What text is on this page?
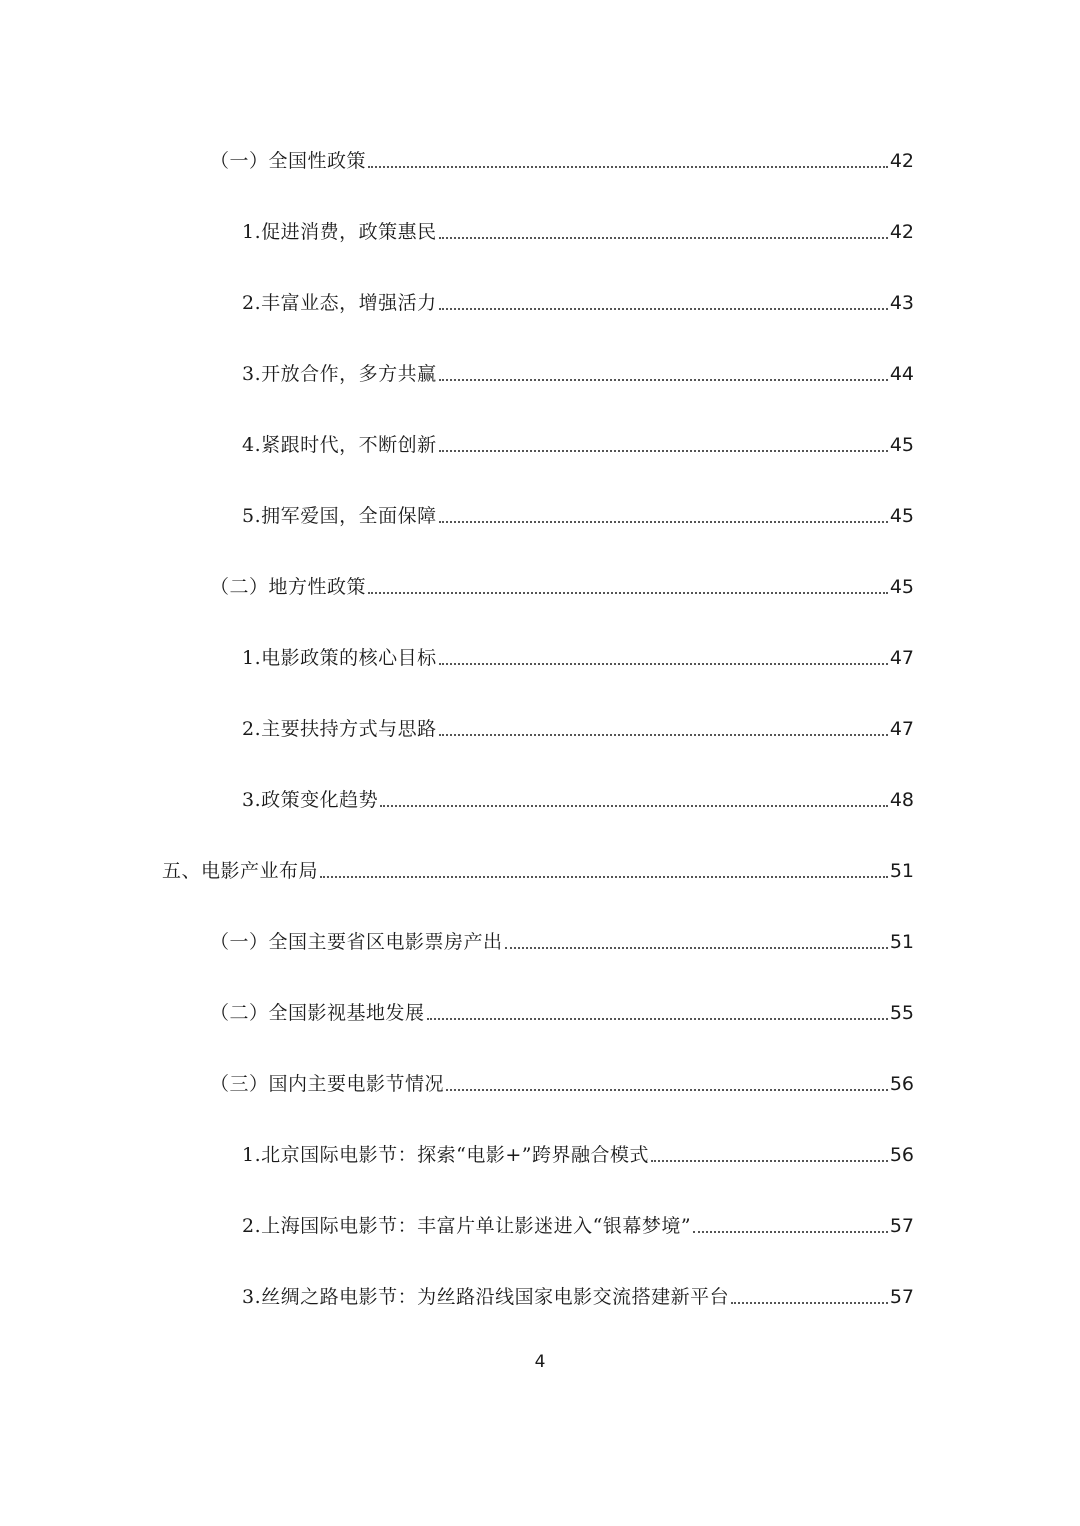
（一）全国性政策	42
1.促进消费，政策惠民	42
2.丰富业态，增强活力	43
3.开放合作，多方共赢	44
4.紧跟时代，不断创新	45
5.拥军爱国，全面保障	45
（二）地方性政策	45
1.电影政策的核心目标	47
2.主要扶持方式与思路	47
3.政策变化趋势	48
五、电影产业布局	51
（一）全国主要省区电影票房产出	51
（二）全国影视基地发展	55
（三）国内主要电影节情况	56
1.北京国际电影节：探索“电影+”跨界融合模式	56
2.上海国际电影节：丰富片单让影迷进入“银幕梦境”	57
3.丝绸之路电影节：为丝路沿线国家电影交流搭建新平台	57
4
